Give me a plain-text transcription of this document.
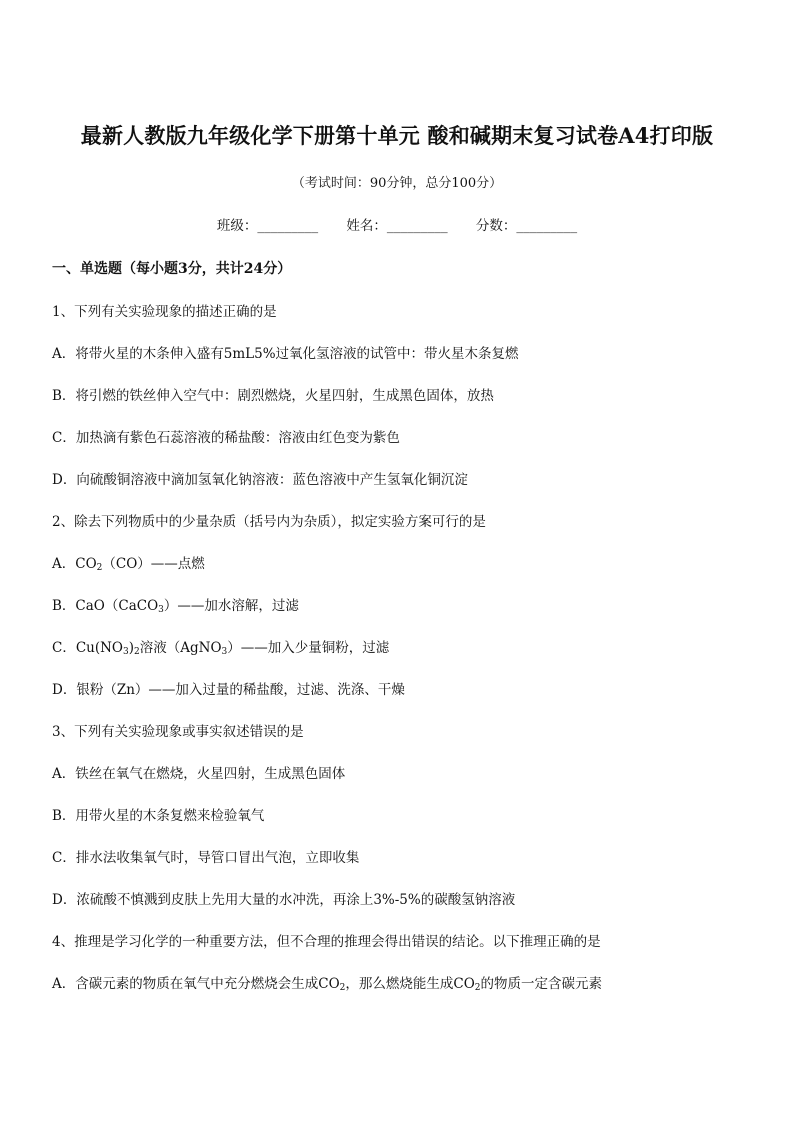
最新人教版九年级化学下册第十单元 酸和碱期末复习试卷A4打印版
（考试时间：90分钟，总分100分）
班级：_________ 姓名：_________ 分数：_________
一、单选题（每小题3分，共计24分）
1、下列有关实验现象的描述正确的是
A．将带火星的木条伸入盛有5mL5%过氧化氢溶液的试管中：带火星木条复燃
B．将引燃的铁丝伸入空气中：剧烈燃烧，火星四射，生成黑色固体，放热
C．加热滴有紫色石蕊溶液的稀盐酸：溶液由红色变为紫色
D．向硫酸铜溶液中滴加氢氧化钠溶液：蓝色溶液中产生氢氧化铜沉淀
2、除去下列物质中的少量杂质（括号内为杂质），拟定实验方案可行的是
A．$CO_2(CO)——$点燃
B．CaO（CaCO$_3$）——加水溶解，过滤
C．$Cu(NO_3)_2$溶液（AgNO$_3$）——加入少量铜粉，过滤
D．银粉（Zn）——加入过量的稀盐酸，过滤、洗涤、干燥
3、下列有关实验现象或事实叙述错误的是
A．铁丝在氧气在燃烧，火星四射，生成黑色固体
B．用带火星的木条复燃来检验氧气
C．排水法收集氧气时，导管口冒出气泡，立即收集
D．浓硫酸不慎溅到皮肤上先用大量的水冲洗，再涂上3%-5%的碳酸氢钠溶液
4、推理是学习化学的一种重要方法，但不合理的推理会得出错误的结论。以下推理正确的是
A．含碳元素的物质在氧气中充分燃烧会生成$CO_2$，那么燃烧能生成$CO_2$的物质一定含碳元素
